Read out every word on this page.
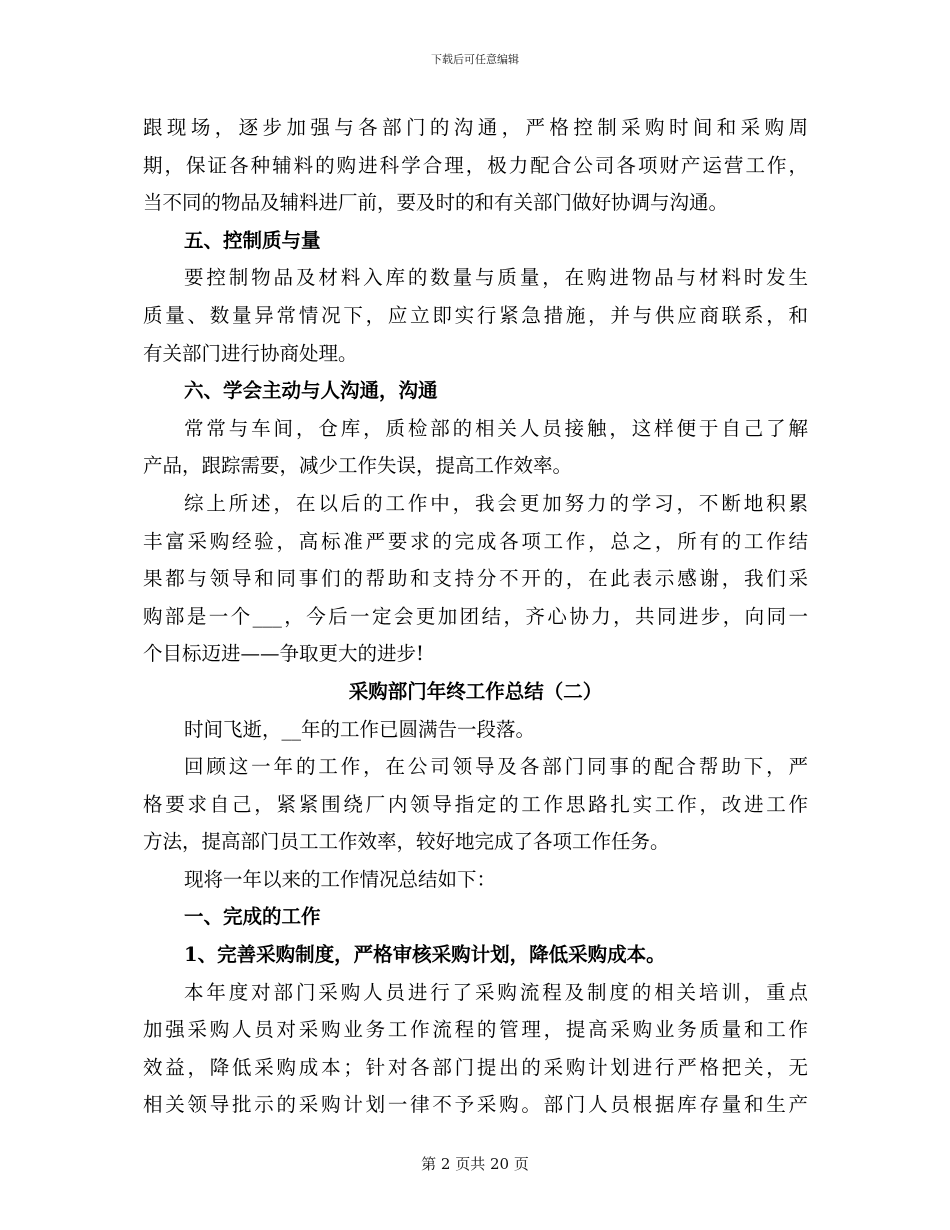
下载后可任意编辑
跟现场，逐步加强与各部门的沟通，严格控制采购时间和采购周
期，保证各种辅料的购进科学合理，极力配合公司各项财产运营工作，
当不同的物品及辅料进厂前，要及时的和有关部门做好协调与沟通。
五、控制质与量
要控制物品及材料入库的数量与质量，在购进物品与材料时发生
质量、数量异常情况下，应立即实行紧急措施，并与供应商联系，和
有关部门进行协商处理。
六、学会主动与人沟通，沟通
常常与车间，仓库，质检部的相关人员接触，这样便于自己了解
产品，跟踪需要，减少工作失误，提高工作效率。
综上所述，在以后的工作中，我会更加努力的学习，不断地积累
丰富采购经验，高标准严要求的完成各项工作，总之，所有的工作结
果都与领导和同事们的帮助和支持分不开的，在此表示感谢，我们采
购部是一个___，今后一定会更加团结，齐心协力，共同进步，向同一
个目标迈进——争取更大的进步!
采购部门年终工作总结（二）
时间飞逝，__年的工作已圆满告一段落。
回顾这一年的工作，在公司领导及各部门同事的配合帮助下，严
格要求自己，紧紧围绕厂内领导指定的工作思路扎实工作，改进工作
方法，提高部门员工工作效率，较好地完成了各项工作任务。
现将一年以来的工作情况总结如下：
一、完成的工作
1、完善采购制度，严格审核采购计划，降低采购成本。
本年度对部门采购人员进行了采购流程及制度的相关培训，重点
加强采购人员对采购业务工作流程的管理，提高采购业务质量和工作
效益，降低采购成本；针对各部门提出的采购计划进行严格把关，无
相关领导批示的采购计划一律不予采购。部门人员根据库存量和生产
第 2 页共 20 页
